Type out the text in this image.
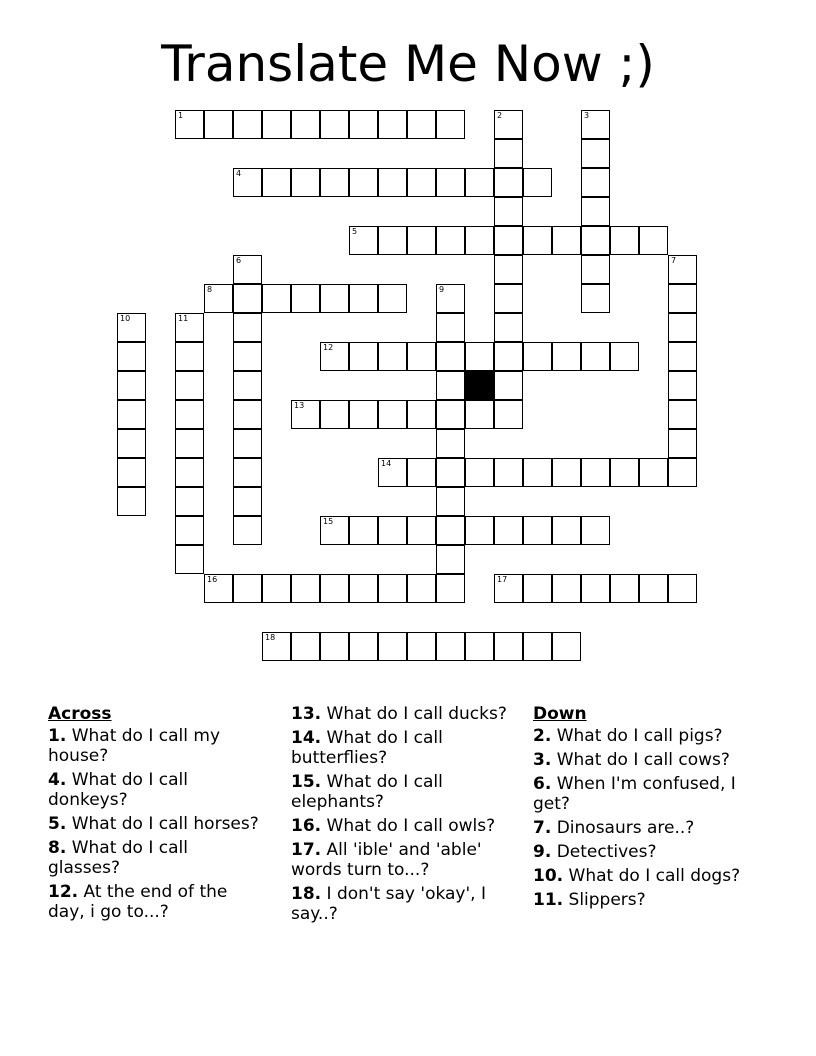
Translate Me Now ;)
1	2	3
4
5
6	7
8	9
10	11
12
13
14
15
16	17
18
Across
1. What do I call my house?
4. What do I call donkeys?
5. What do I call horses?
8. What do I call glasses?
12. At the end of the day, i go to...?
13. What do I call ducks?
14. What do I call butterflies?
15. What do I call elephants?
16. What do I call owls?
17. All 'ible' and 'able' words turn to...?
18. I don't say 'okay', I say..?
Down
2. What do I call pigs?
3. What do I call cows?
6. When I'm confused, I get?
7. Dinosaurs are..?
9. Detectives?
10. What do I call dogs?
11. Slippers?
